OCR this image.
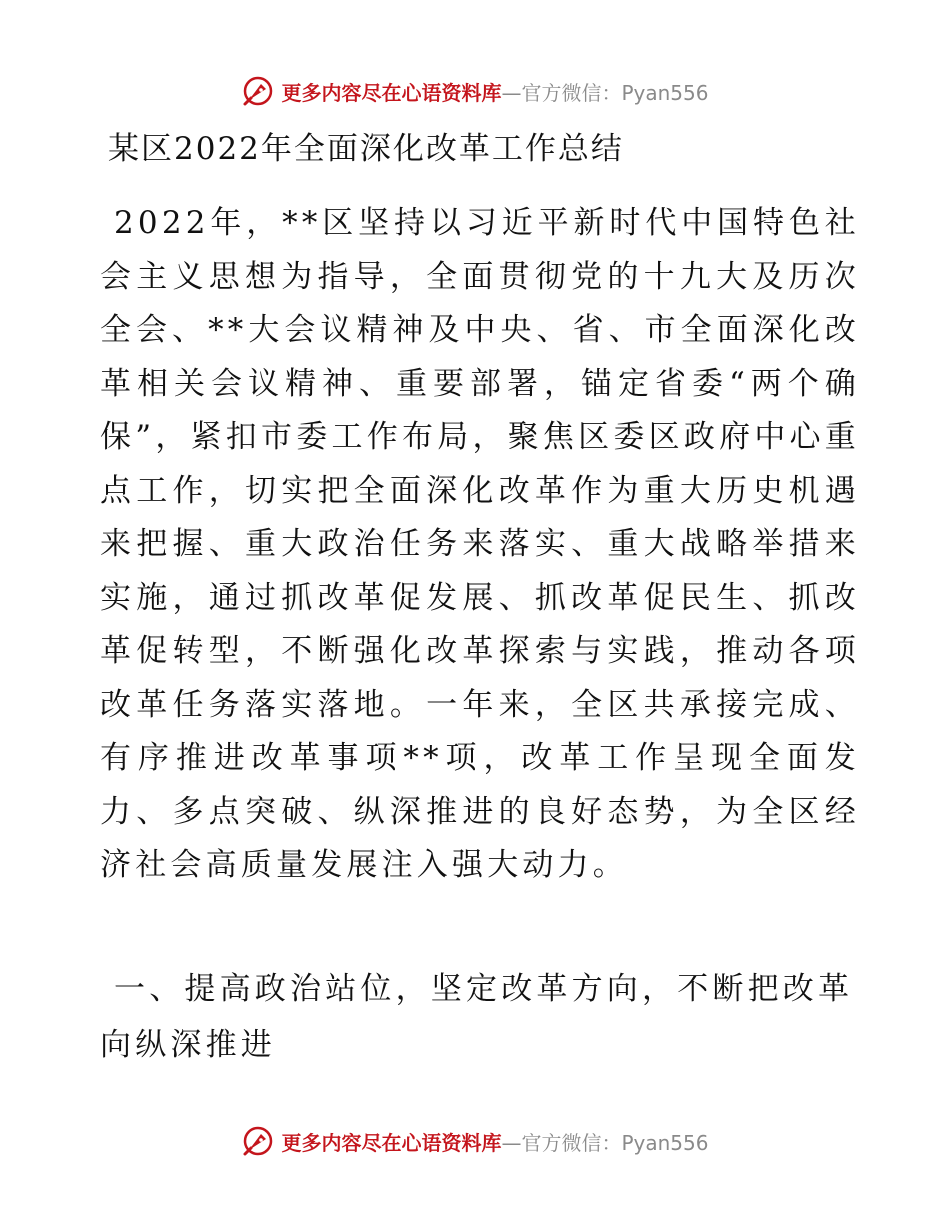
更多内容尽在心语资料库—官方微信：Pyan556
某区2022年全面深化改革工作总结

2022年，**区坚持以习近平新时代中国特色社会主义思想为指导，全面贯彻党的十九大及历次全会、**大会议精神及中央、省、市全面深化改革相关会议精神、重要部署，锚定省委“两个确保”，紧扣市委工作布局，聚焦区委区政府中心重点工作，切实把全面深化改革作为重大历史机遇来把握、重大政治任务来落实、重大战略举措来实施，通过抓改革促发展、抓改革促民生、抓改革促转型，不断强化改革探索与实践，推动各项改革任务落实落地。一年来，全区共承接完成、有序推进改革事项**项，改革工作呈现全面发力、多点突破、纵深推进的良好态势，为全区经济社会高质量发展注入强大动力。

一、提高政治站位，坚定改革方向，不断把改革向纵深推进
更多内容尽在心语资料库—官方微信：Pyan556
